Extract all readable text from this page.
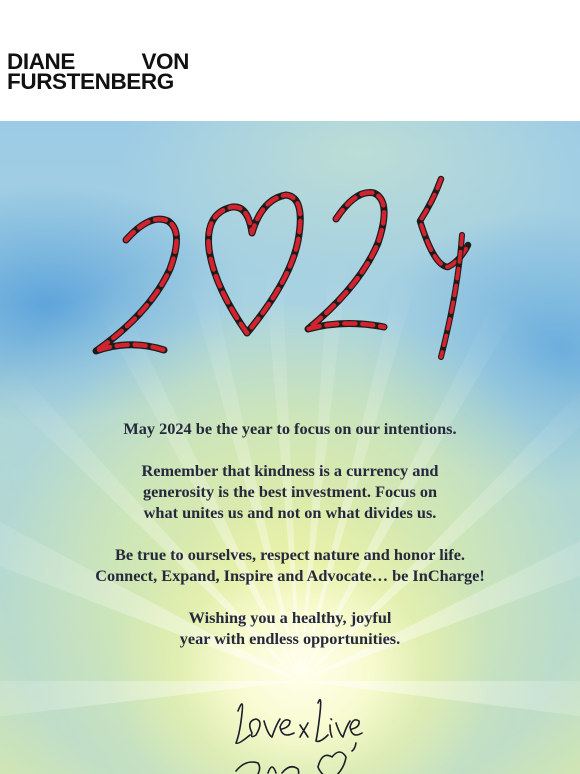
DIANE	VON
FURSTENBERG

May 2024 be the year to focus on our intentions.

Remember that kindness is a currency and
generosity is the best investment. Focus on
what unites us and not on what divides us.

Be true to ourselves, respect nature and honor life.
Connect, Expand, Inspire and Advocate… be InCharge!

Wishing you a healthy, joyful
year with endless opportunities.
